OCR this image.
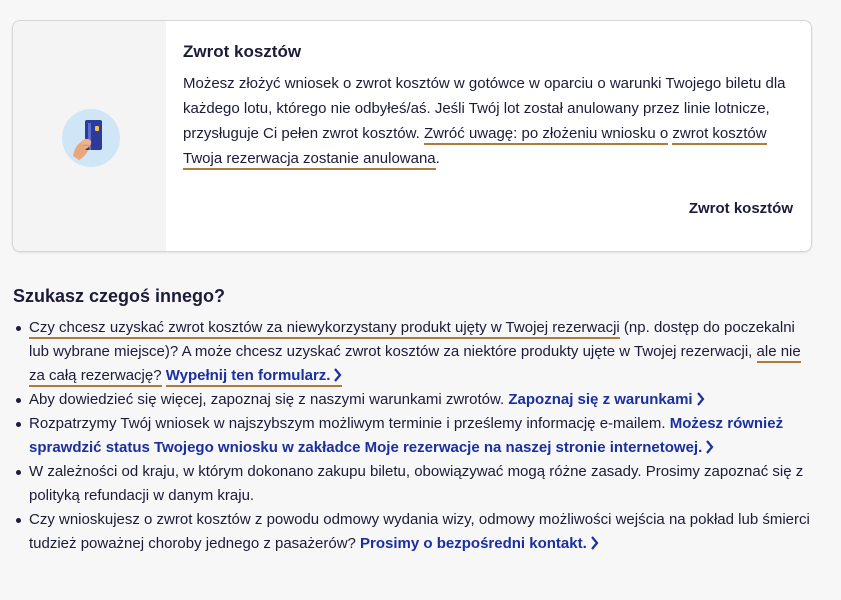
Zwrot kosztów
Możesz złożyć wniosek o zwrot kosztów w gotówce w oparciu o warunki Twojego biletu dla każdego lotu, którego nie odbyłeś/aś. Jeśli Twój lot został anulowany przez linie lotnicze, przysługuje Ci pełen zwrot kosztów. Zwróć uwagę: po złożeniu wniosku o zwrot kosztów Twoja rezerwacja zostanie anulowana.
Zwrot kosztów
Szukasz czegoś innego?
Czy chcesz uzyskać zwrot kosztów za niewykorzystany produkt ujęty w Twojej rezerwacji (np. dostęp do poczekalni lub wybrane miejsce)? A może chcesz uzyskać zwrot kosztów za niektóre produkty ujęte w Twojej rezerwacji, ale nie za całą rezerwację? Wypełnij ten formularz.
Aby dowiedzieć się więcej, zapoznaj się z naszymi warunkami zwrotów. Zapoznaj się z warunkami
Rozpatrzymy Twój wniosek w najszybszym możliwym terminie i prześlemy informację e-mailem. Możesz również sprawdzić status Twojego wniosku w zakładce Moje rezerwacje na naszej stronie internetowej.
W zależności od kraju, w którym dokonano zakupu biletu, obowiązywać mogą różne zasady. Prosimy zapoznać się z polityką refundacji w danym kraju.
Czy wnioskujesz o zwrot kosztów z powodu odmowy wydania wizy, odmowy możliwości wejścia na pokład lub śmierci tudzież poważnej choroby jednego z pasażerów? Prosimy o bezpośredni kontakt.
